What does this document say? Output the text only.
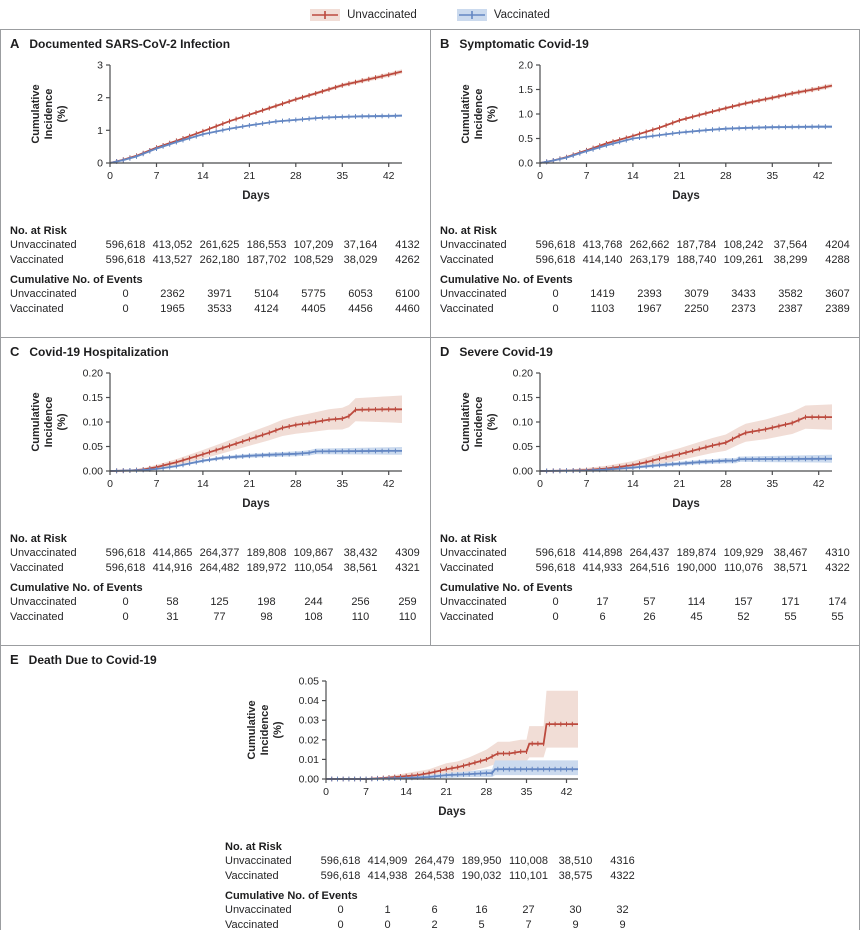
Unvaccinated	Vaccinated
A Documented SARS-CoV-2 Infection
0
1
2
3
0	7	14	21	28	35	42
CumulativeIncidence(%)
Days
No. at Risk
Unvaccinated	596,618	413,052	261,625	186,553	107,209	37,164	4132
Vaccinated	596,618	413,527	262,180	187,702	108,529	38,029	4262
Cumulative No. of Events
Unvaccinated	0	2362	3971	5104	5775	6053	6100
Vaccinated	0	1965	3533	4124	4405	4456	4460
B Symptomatic Covid-19
0.0
0.5
1.0
1.5
2.0
0	7	14	21	28	35	42
CumulativeIncidence(%)
Days
No. at Risk
Unvaccinated	596,618	413,768	262,662	187,784	108,242	37,564	4204
Vaccinated	596,618	414,140	263,179	188,740	109,261	38,299	4288
Cumulative No. of Events
Unvaccinated	0	1419	2393	3079	3433	3582	3607
Vaccinated	0	1103	1967	2250	2373	2387	2389
C Covid-19 Hospitalization
0.00
0.05
0.10
0.15
0.20
0	7	14	21	28	35	42
CumulativeIncidence(%)
Days
No. at Risk
Unvaccinated	596,618	414,865	264,377	189,808	109,867	38,432	4309
Vaccinated	596,618	414,916	264,482	189,972	110,054	38,561	4321
Cumulative No. of Events
Unvaccinated	0	58	125	198	244	256	259
Vaccinated	0	31	77	98	108	110	110
D Severe Covid-19
0.00
0.05
0.10
0.15
0.20
0	7	14	21	28	35	42
CumulativeIncidence(%)
Days
No. at Risk
Unvaccinated	596,618	414,898	264,437	189,874	109,929	38,467	4310
Vaccinated	596,618	414,933	264,516	190,000	110,076	38,571	4322
Cumulative No. of Events
Unvaccinated	0	17	57	114	157	171	174
Vaccinated	0	6	26	45	52	55	55
E Death Due to Covid-19
0.00
0.01
0.02
0.03
0.04
0.05
0	7	14	21	28	35	42
CumulativeIncidence(%)
Days
No. at Risk
Unvaccinated	596,618	414,909	264,479	189,950	110,008	38,510	4316
Vaccinated	596,618	414,938	264,538	190,032	110,101	38,575	4322
Cumulative No. of Events
Unvaccinated	0	1	6	16	27	30	32
Vaccinated	0	0	2	5	7	9	9
